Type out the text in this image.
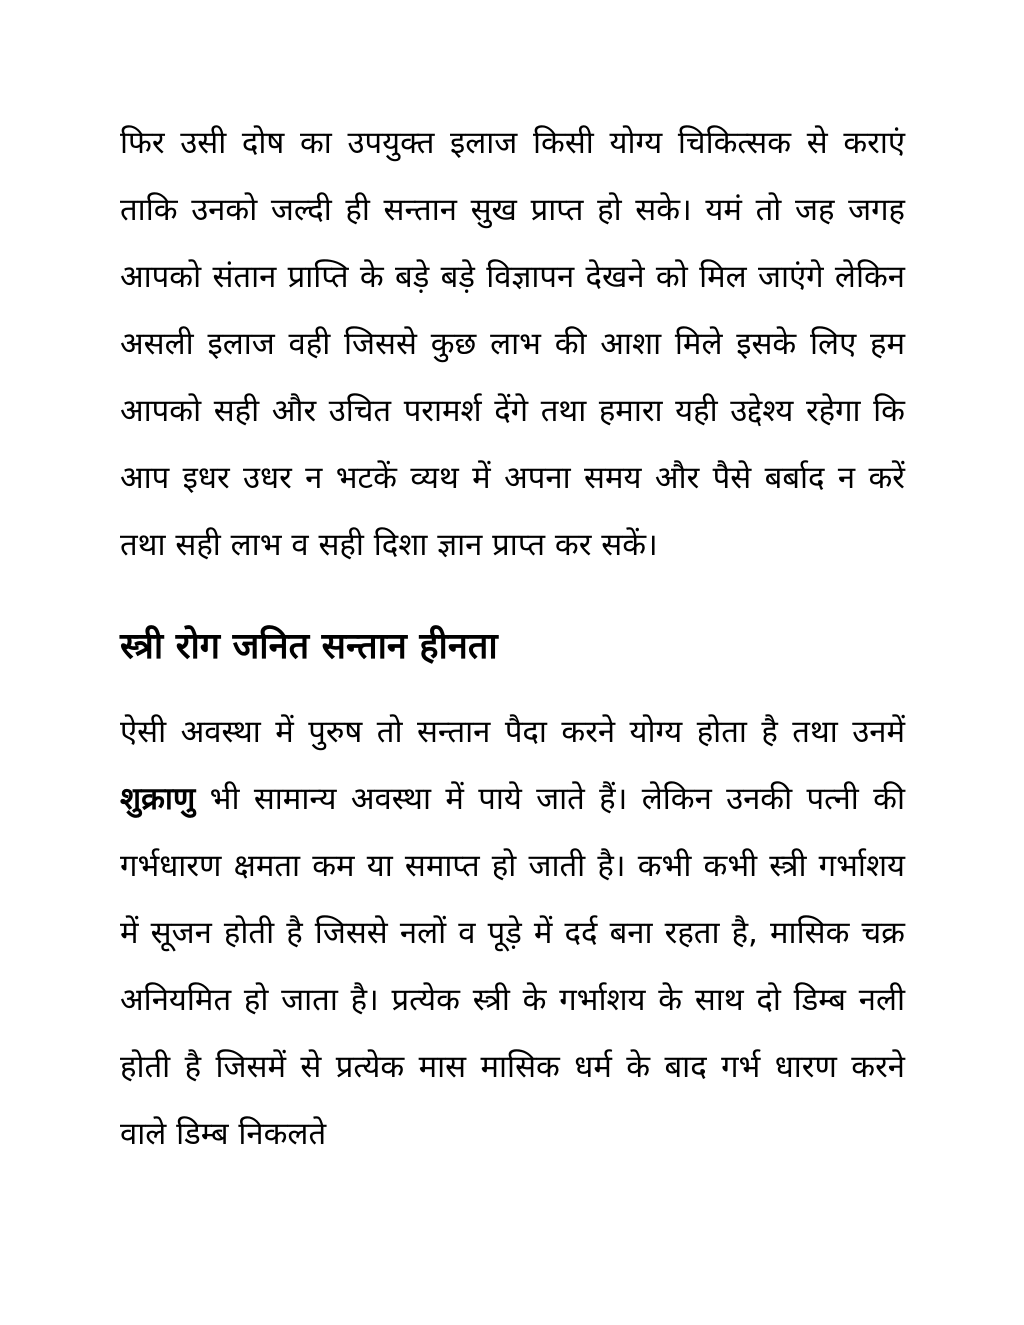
फिर उसी दोष का उपयुक्त इलाज किसी योग्य चिकित्सक से कराएं ताकि उनको जल्दी ही सन्तान सुख प्राप्त हो सके। यमं तो जह जगह आपको संतान प्राप्ति के बड़े बड़े विज्ञापन देखने को मिल जाएंगे लेकिन असली इलाज वही जिससे कुछ लाभ की आशा मिले इसके लिए हम आपको सही और उचित परामर्श देंगे तथा हमारा यही उद्देश्य रहेगा कि आप इधर उधर न भटकें व्यथ में अपना समय और पैसे बर्बाद न करें तथा सही लाभ व सही दिशा ज्ञान प्राप्त कर सकें।

स्त्री रोग जनित सन्तान हीनता

ऐसी अवस्था में पुरुष तो सन्तान पैदा करने योग्य होता है तथा उनमें शुक्राणु भी सामान्य अवस्था में पाये जाते हैं। लेकिन उनकी पत्नी की गर्भधारण क्षमता कम या समाप्त हो जाती है। कभी कभी स्त्री गर्भाशय में सूजन होती है जिससे नलों व पूड़े में दर्द बना रहता है, मासिक चक्र अनियमित हो जाता है। प्रत्येक स्त्री के गर्भाशय के साथ दो डिम्ब नली होती है जिसमें से प्रत्येक मास मासिक धर्म के बाद गर्भ धारण करने वाले डिम्ब निकलते
